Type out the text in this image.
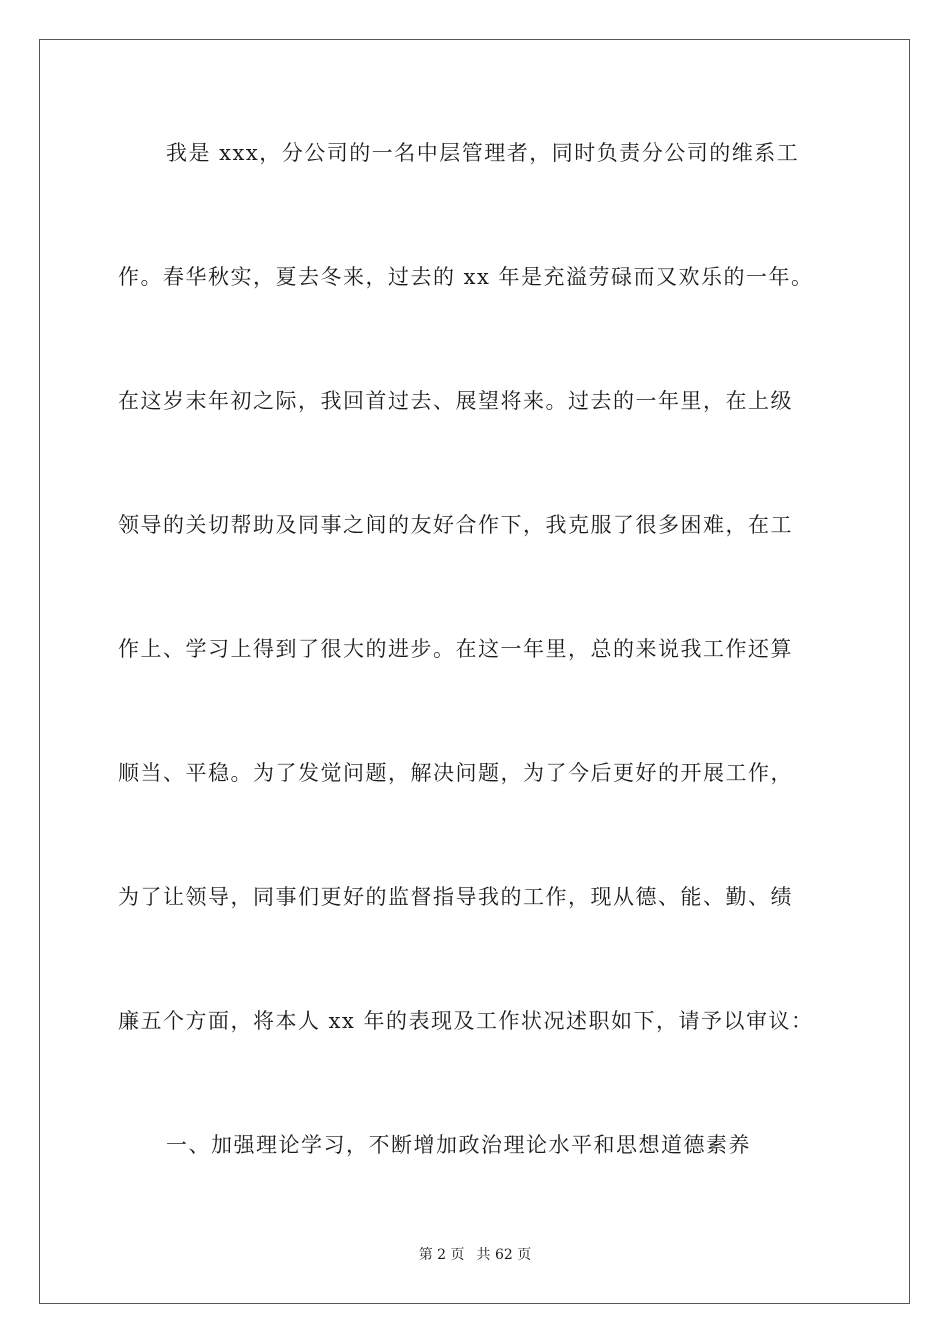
我是 xxx，分公司的一名中层管理者，同时负责分公司的维系工
作。春华秋实，夏去冬来，过去的 xx 年是充溢劳碌而又欢乐的一年。
在这岁末年初之际，我回首过去、展望将来。过去的一年里，在上级
领导的关切帮助及同事之间的友好合作下，我克服了很多困难，在工
作上、学习上得到了很大的进步。在这一年里，总的来说我工作还算
顺当、平稳。为了发觉问题，解决问题，为了今后更好的开展工作，
为了让领导，同事们更好的监督指导我的工作，现从德、能、勤、绩
廉五个方面，将本人 xx 年的表现及工作状况述职如下，请予以审议：
一、加强理论学习，不断增加政治理论水平和思想道德素养
第 2 页 共 62 页
